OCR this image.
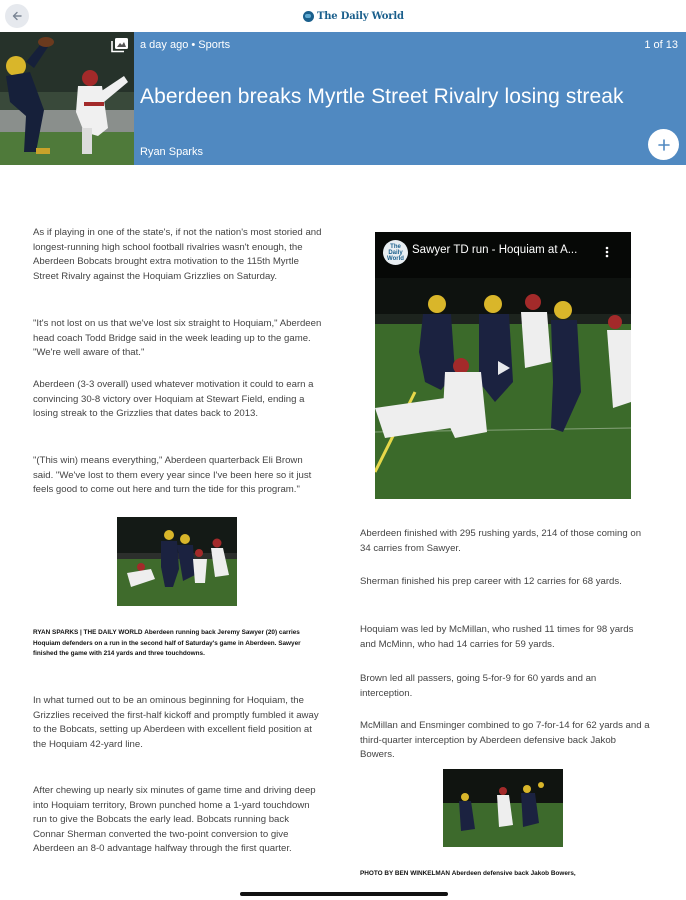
The Daily World
a day ago • Sports	1 of 13
Aberdeen breaks Myrtle Street Rivalry losing streak
Ryan Sparks

As if playing in one of the state's, if not the nation's most storied and longest-running high school football rivalries wasn't enough, the Aberdeen Bobcats brought extra motivation to the 115th Myrtle Street Rivalry against the Hoquiam Grizzlies on Saturday.

"It's not lost on us that we've lost six straight to Hoquiam," Aberdeen head coach Todd Bridge said in the week leading up to the game. "We're well aware of that."

Aberdeen (3-3 overall) used whatever motivation it could to earn a convincing 30-8 victory over Hoquiam at Stewart Field, ending a losing streak to the Grizzlies that dates back to 2013.

"(This win) means everything," Aberdeen quarterback Eli Brown said. "We've lost to them every year since I've been here so it just feels good to come out here and turn the tide for this program."

RYAN SPARKS | THE DAILY WORLD Aberdeen running back Jeremy Sawyer (20) carries Hoquiam defenders on a run in the second half of Saturday's game in Aberdeen. Sawyer finished the game with 214 yards and three touchdowns.

In what turned out to be an ominous beginning for Hoquiam, the Grizzlies received the first-half kickoff and promptly fumbled it away to the Bobcats, setting up Aberdeen with excellent field position at the Hoquiam 42-yard line.

After chewing up nearly six minutes of game time and driving deep into Hoquiam territory, Brown punched home a 1-yard touchdown run to give the Bobcats the early lead. Bobcats running back Connar Sherman converted the two-point conversion to give Aberdeen an 8-0 advantage halfway through the first quarter.

The Daily World
Sawyer TD run - Hoquiam at A...

Aberdeen finished with 295 rushing yards, 214 of those coming on 34 carries from Sawyer.

Sherman finished his prep career with 12 carries for 68 yards.

Hoquiam was led by McMillan, who rushed 11 times for 98 yards and McMinn, who had 14 carries for 59 yards.

Brown led all passers, going 5-for-9 for 60 yards and an interception.

McMillan and Ensminger combined to go 7-for-14 for 62 yards and a third-quarter interception by Aberdeen defensive back Jakob Bowers.

PHOTO BY BEN WINKELMAN Aberdeen defensive back Jakob Bowers,
